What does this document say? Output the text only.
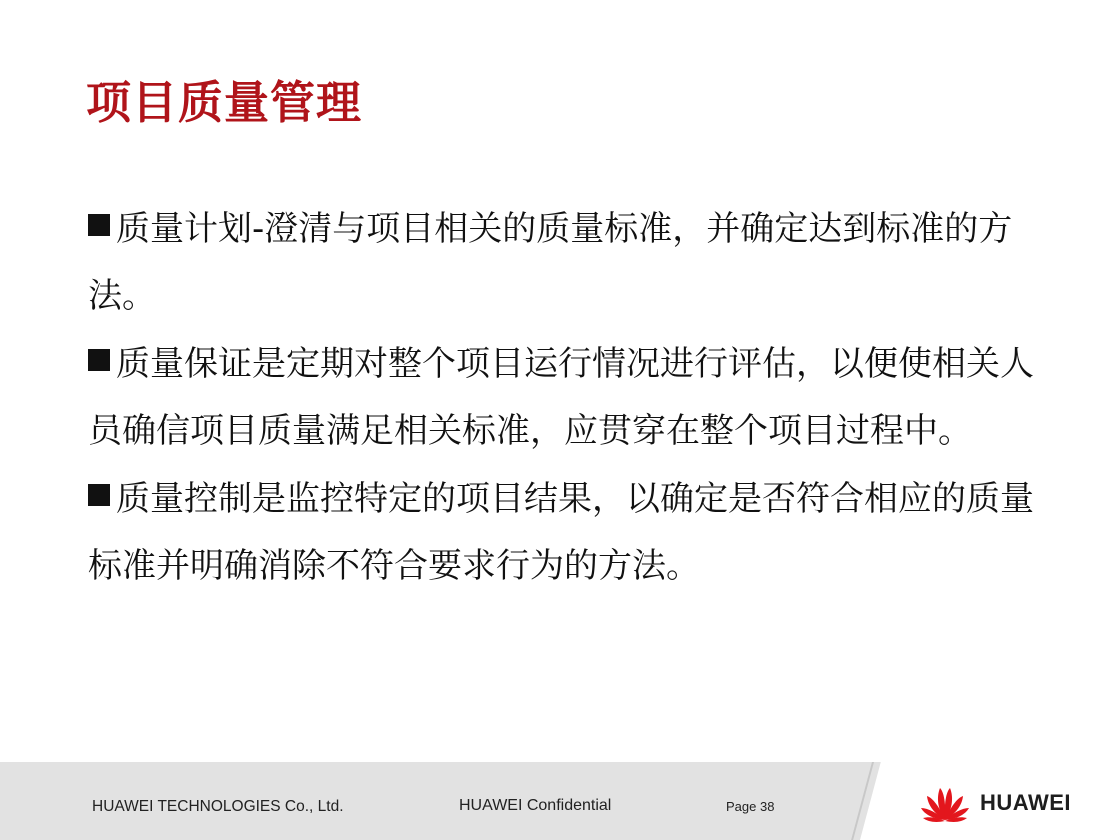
项目质量管理

质量计划-澄清与项目相关的质量标准，并确定达到标准的方法。

质量保证是定期对整个项目运行情况进行评估，以便使相关人员确信项目质量满足相关标准，应贯穿在整个项目过程中。

质量控制是监控特定的项目结果，以确定是否符合相应的质量标准并明确消除不符合要求行为的方法。

HUAWEI TECHNOLOGIES Co., Ltd.	HUAWEI Confidential	Page 38	HUAWEI
